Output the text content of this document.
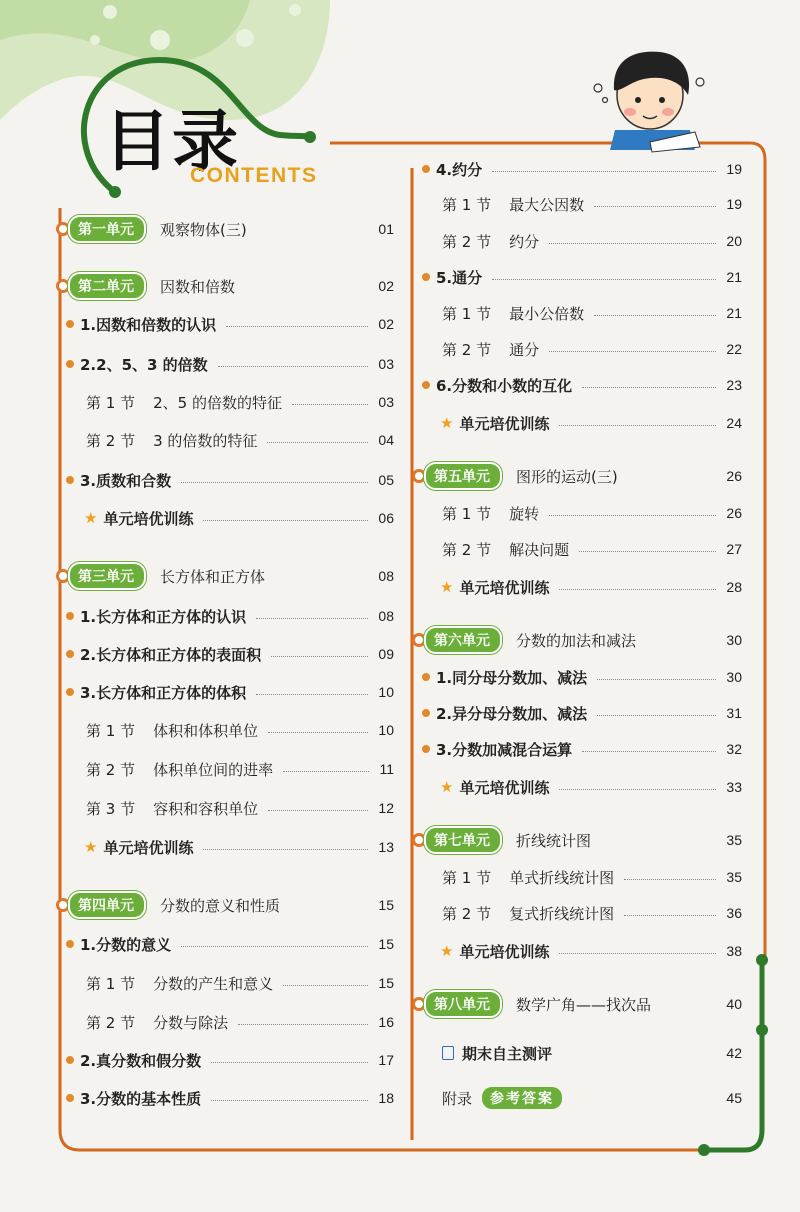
目录
CONTENTS
第一单元	观察物体(三)	01
第二单元	因数和倍数	02
1.因数和倍数的认识	02
2.2、5、3 的倍数	03
第 1 节 2、5 的倍数的特征	03
第 2 节 3 的倍数的特征	04
3.质数和合数	05
★ 单元培优训练	06
第三单元	长方体和正方体	08
1.长方体和正方体的认识	08
2.长方体和正方体的表面积	09
3.长方体和正方体的体积	10
第 1 节 体积和体积单位	10
第 2 节 体积单位间的进率	11
第 3 节 容积和容积单位	12
★ 单元培优训练	13
第四单元	分数的意义和性质	15
1.分数的意义	15
第 1 节 分数的产生和意义	15
第 2 节 分数与除法	16
2.真分数和假分数	17
3.分数的基本性质	18
4.约分	19
第 1 节 最大公因数	19
第 2 节 约分	20
5.通分	21
第 1 节 最小公倍数	21
第 2 节 通分	22
6.分数和小数的互化	23
★ 单元培优训练	24
第五单元	图形的运动(三)	26
第 1 节 旋转	26
第 2 节 解决问题	27
★ 单元培优训练	28
第六单元	分数的加法和减法	30
1.同分母分数加、减法	30
2.异分母分数加、减法	31
3.分数加减混合运算	32
★ 单元培优训练	33
第七单元	折线统计图	35
第 1 节 单式折线统计图	35
第 2 节 复式折线统计图	36
★ 单元培优训练	38
第八单元	数学广角——找次品	40
期末自主测评	42
附录	参考答案	45
